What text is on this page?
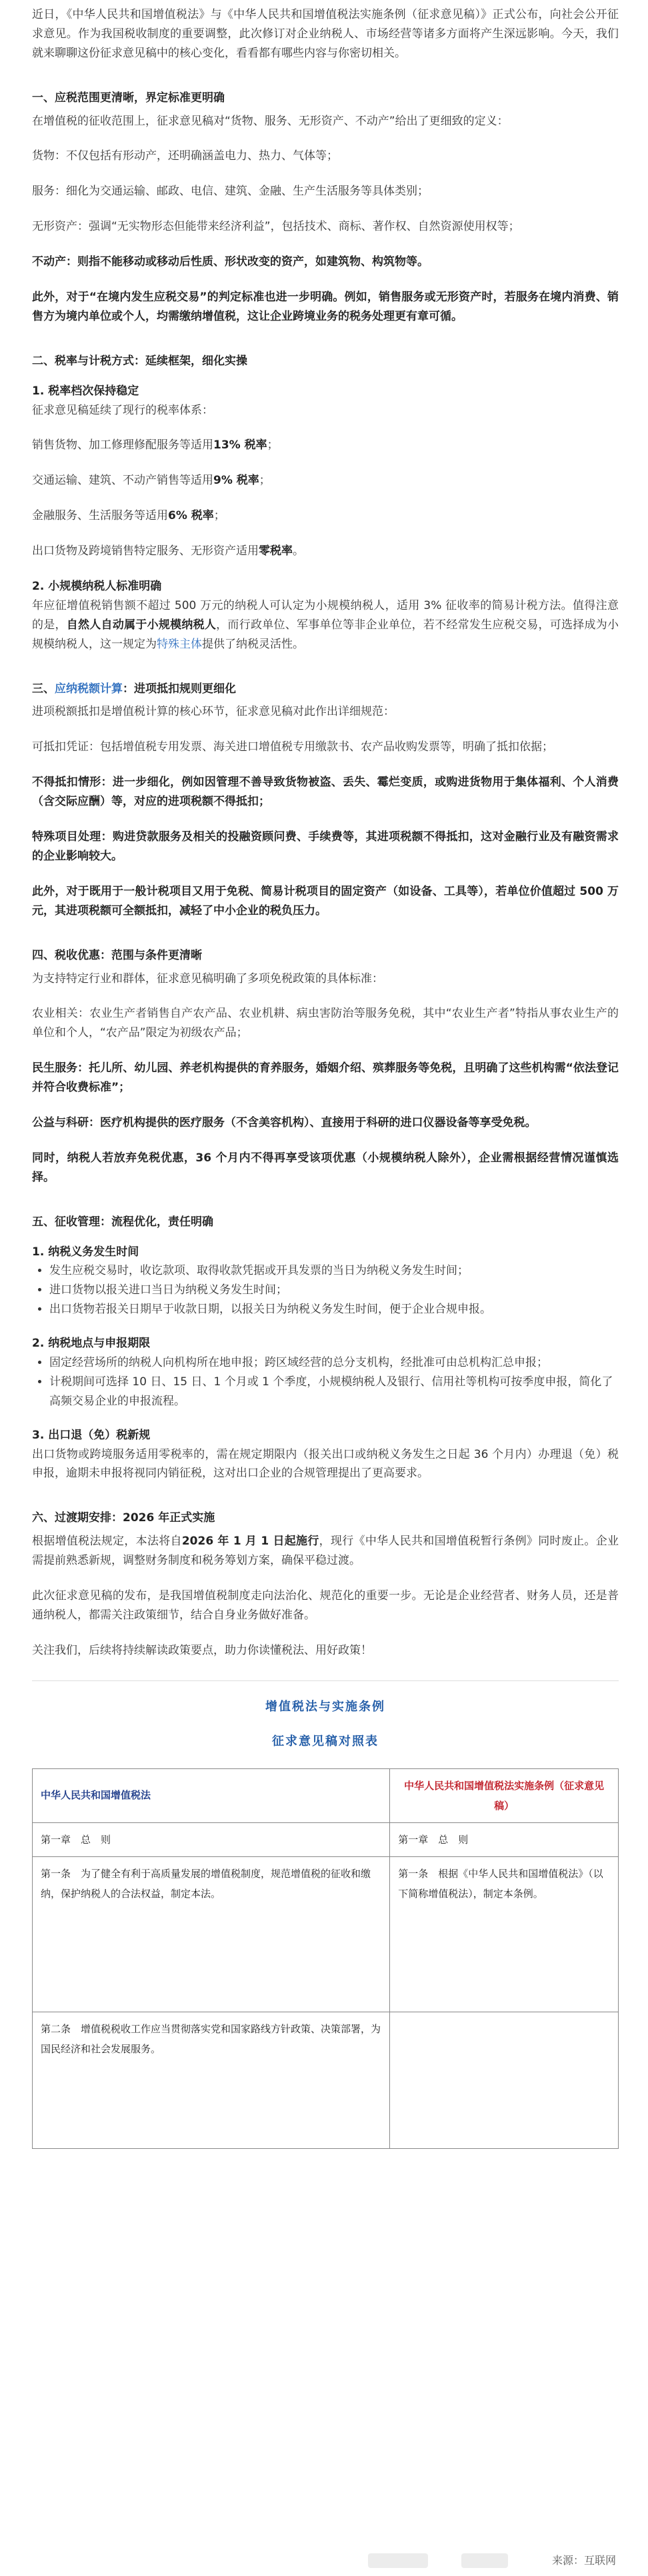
近日，《中华人民共和国增值税法》与《中华人民共和国增值税法实施条例（征求意见稿）》正式公布，向社会公开征求意见。作为我国税收制度的重要调整，此次修订对企业纳税人、市场经营等诸多方面将产生深远影响。今天，我们就来聊聊这份征求意见稿中的核心变化，看看都有哪些内容与你密切相关。

一、应税范围更清晰，界定标准更明确

在增值税的征收范围上，征求意见稿对“货物、服务、无形资产、不动产”给出了更细致的定义：

货物：不仅包括有形动产，还明确涵盖电力、热力、气体等；

服务：细化为交通运输、邮政、电信、建筑、金融、生产生活服务等具体类别；

无形资产：强调“无实物形态但能带来经济利益”，包括技术、商标、著作权、自然资源使用权等；

不动产：则指不能移动或移动后性质、形状改变的资产，如建筑物、构筑物等。

此外，对于“在境内发生应税交易”的判定标准也进一步明确。例如，销售服务或无形资产时，若服务在境内消费、销售方为境内单位或个人，均需缴纳增值税，这让企业跨境业务的税务处理更有章可循。

二、税率与计税方式：延续框架，细化实操
1. 税率档次保持稳定

征求意见稿延续了现行的税率体系：

销售货物、加工修理修配服务等适用13% 税率；

交通运输、建筑、不动产销售等适用9% 税率；

金融服务、生活服务等适用6% 税率；

出口货物及跨境销售特定服务、无形资产适用零税率。

2. 小规模纳税人标准明确

年应征增值税销售额不超过 500 万元的纳税人可认定为小规模纳税人，适用 3% 征收率的简易计税方法。值得注意的是，自然人自动属于小规模纳税人，而行政单位、军事单位等非企业单位，若不经常发生应税交易，可选择成为小规模纳税人，这一规定为特殊主体提供了纳税灵活性。

三、应纳税额计算：进项抵扣规则更细化

进项税额抵扣是增值税计算的核心环节，征求意见稿对此作出详细规范：

可抵扣凭证：包括增值税专用发票、海关进口增值税专用缴款书、农产品收购发票等，明确了抵扣依据；

不得抵扣情形：进一步细化，例如因管理不善导致货物被盗、丢失、霉烂变质，或购进货物用于集体福利、个人消费（含交际应酬）等，对应的进项税额不得抵扣；

特殊项目处理：购进贷款服务及相关的投融资顾问费、手续费等，其进项税额不得抵扣，这对金融行业及有融资需求的企业影响较大。

此外，对于既用于一般计税项目又用于免税、简易计税项目的固定资产（如设备、工具等），若单位价值超过 500 万元，其进项税额可全额抵扣，减轻了中小企业的税负压力。

四、税收优惠：范围与条件更清晰

为支持特定行业和群体，征求意见稿明确了多项免税政策的具体标准：

农业相关：农业生产者销售自产农产品、农业机耕、病虫害防治等服务免税，其中“农业生产者”特指从事农业生产的单位和个人，“农产品”限定为初级农产品；

民生服务：托儿所、幼儿园、养老机构提供的育养服务，婚姻介绍、殡葬服务等免税，且明确了这些机构需“依法登记并符合收费标准”；

公益与科研：医疗机构提供的医疗服务（不含美容机构）、直接用于科研的进口仪器设备等享受免税。

同时，纳税人若放弃免税优惠，36 个月内不得再享受该项优惠（小规模纳税人除外），企业需根据经营情况谨慎选择。

五、征收管理：流程优化，责任明确
1. 纳税义务发生时间
• 发生应税交易时，收讫款项、取得收款凭据或开具发票的当日为纳税义务发生时间；
• 进口货物以报关进口当日为纳税义务发生时间；
• 出口货物若报关日期早于收款日期，以报关日为纳税义务发生时间，便于企业合规申报。
2. 纳税地点与申报期限
• 固定经营场所的纳税人向机构所在地申报；跨区域经营的总分支机构，经批准可由总机构汇总申报；
• 计税期间可选择 10 日、15 日、1 个月或 1 个季度，小规模纳税人及银行、信用社等机构可按季度申报，简化了高频交易企业的申报流程。
3. 出口退（免）税新规

出口货物或跨境服务适用零税率的，需在规定期限内（报关出口或纳税义务发生之日起 36 个月内）办理退（免）税申报，逾期未申报将视同内销征税，这对出口企业的合规管理提出了更高要求。

六、过渡期安排：2026 年正式实施

根据增值税法规定，本法将自2026 年 1 月 1 日起施行，现行《中华人民共和国增值税暂行条例》同时废止。企业需提前熟悉新规，调整财务制度和税务筹划方案，确保平稳过渡。

此次征求意见稿的发布，是我国增值税制度走向法治化、规范化的重要一步。无论是企业经营者、财务人员，还是普通纳税人，都需关注政策细节，结合自身业务做好准备。

关注我们，后续将持续解读政策要点，助力你读懂税法、用好政策！

增值税法与实施条例
征求意见稿对照表
中华人民共和国增值税法	中华人民共和国增值税法实施条例（征求意见稿）
第一章　总　则	第一章　总　则
第一条　为了健全有利于高质量发展的增值税制度，规范增值税的征收和缴纳，保护纳税人的合法权益，制定本法。	第一条　根据《中华人民共和国增值税法》（以下简称增值税法），制定本条例。
第二条　增值税税收工作应当贯彻落实党和国家路线方针政策、决策部署，为国民经济和社会发展服务。	
来源：互联网
